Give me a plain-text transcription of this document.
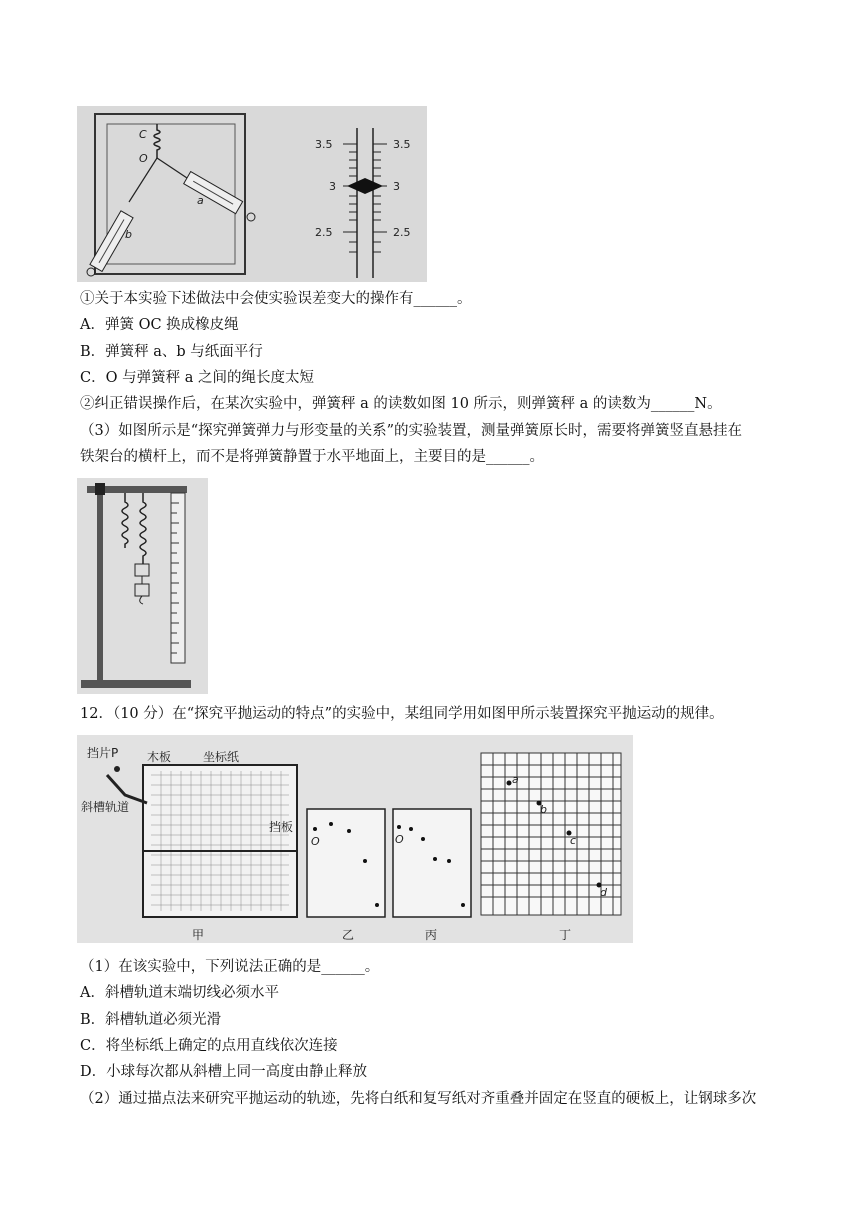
C
O
a
b
3.5	3.5
3	3
2.5	2.5
①关于本实验下述做法中会使实验误差变大的操作有______。
A．弹簧 OC 换成橡皮绳
B．弹簧秤 a、b 与纸面平行
C．O 与弹簧秤 a 之间的绳长度太短
②纠正错误操作后，在某次实验中，弹簧秤 a 的读数如图 10 所示，则弹簧秤 a 的读数为______N。
（3）如图所示是“探究弹簧弹力与形变量的关系”的实验装置，测量弹簧原长时，需要将弹簧竖直悬挂在
铁架台的横杆上，而不是将弹簧静置于水平地面上，主要目的是______。
12．（10 分）在“探究平抛运动的特点”的实验中，某组同学用如图甲所示装置探究平抛运动的规律。
挡片P 木板	坐标纸
斜槽轨道
挡板
甲
O
乙
O
丙
a
b
c
d
丁
（1）在该实验中，下列说法正确的是______。
A．斜槽轨道末端切线必须水平
B．斜槽轨道必须光滑
C．将坐标纸上确定的点用直线依次连接
D．小球每次都从斜槽上同一高度由静止释放
（2）通过描点法来研究平抛运动的轨迹，先将白纸和复写纸对齐重叠并固定在竖直的硬板上，让钢球多次
